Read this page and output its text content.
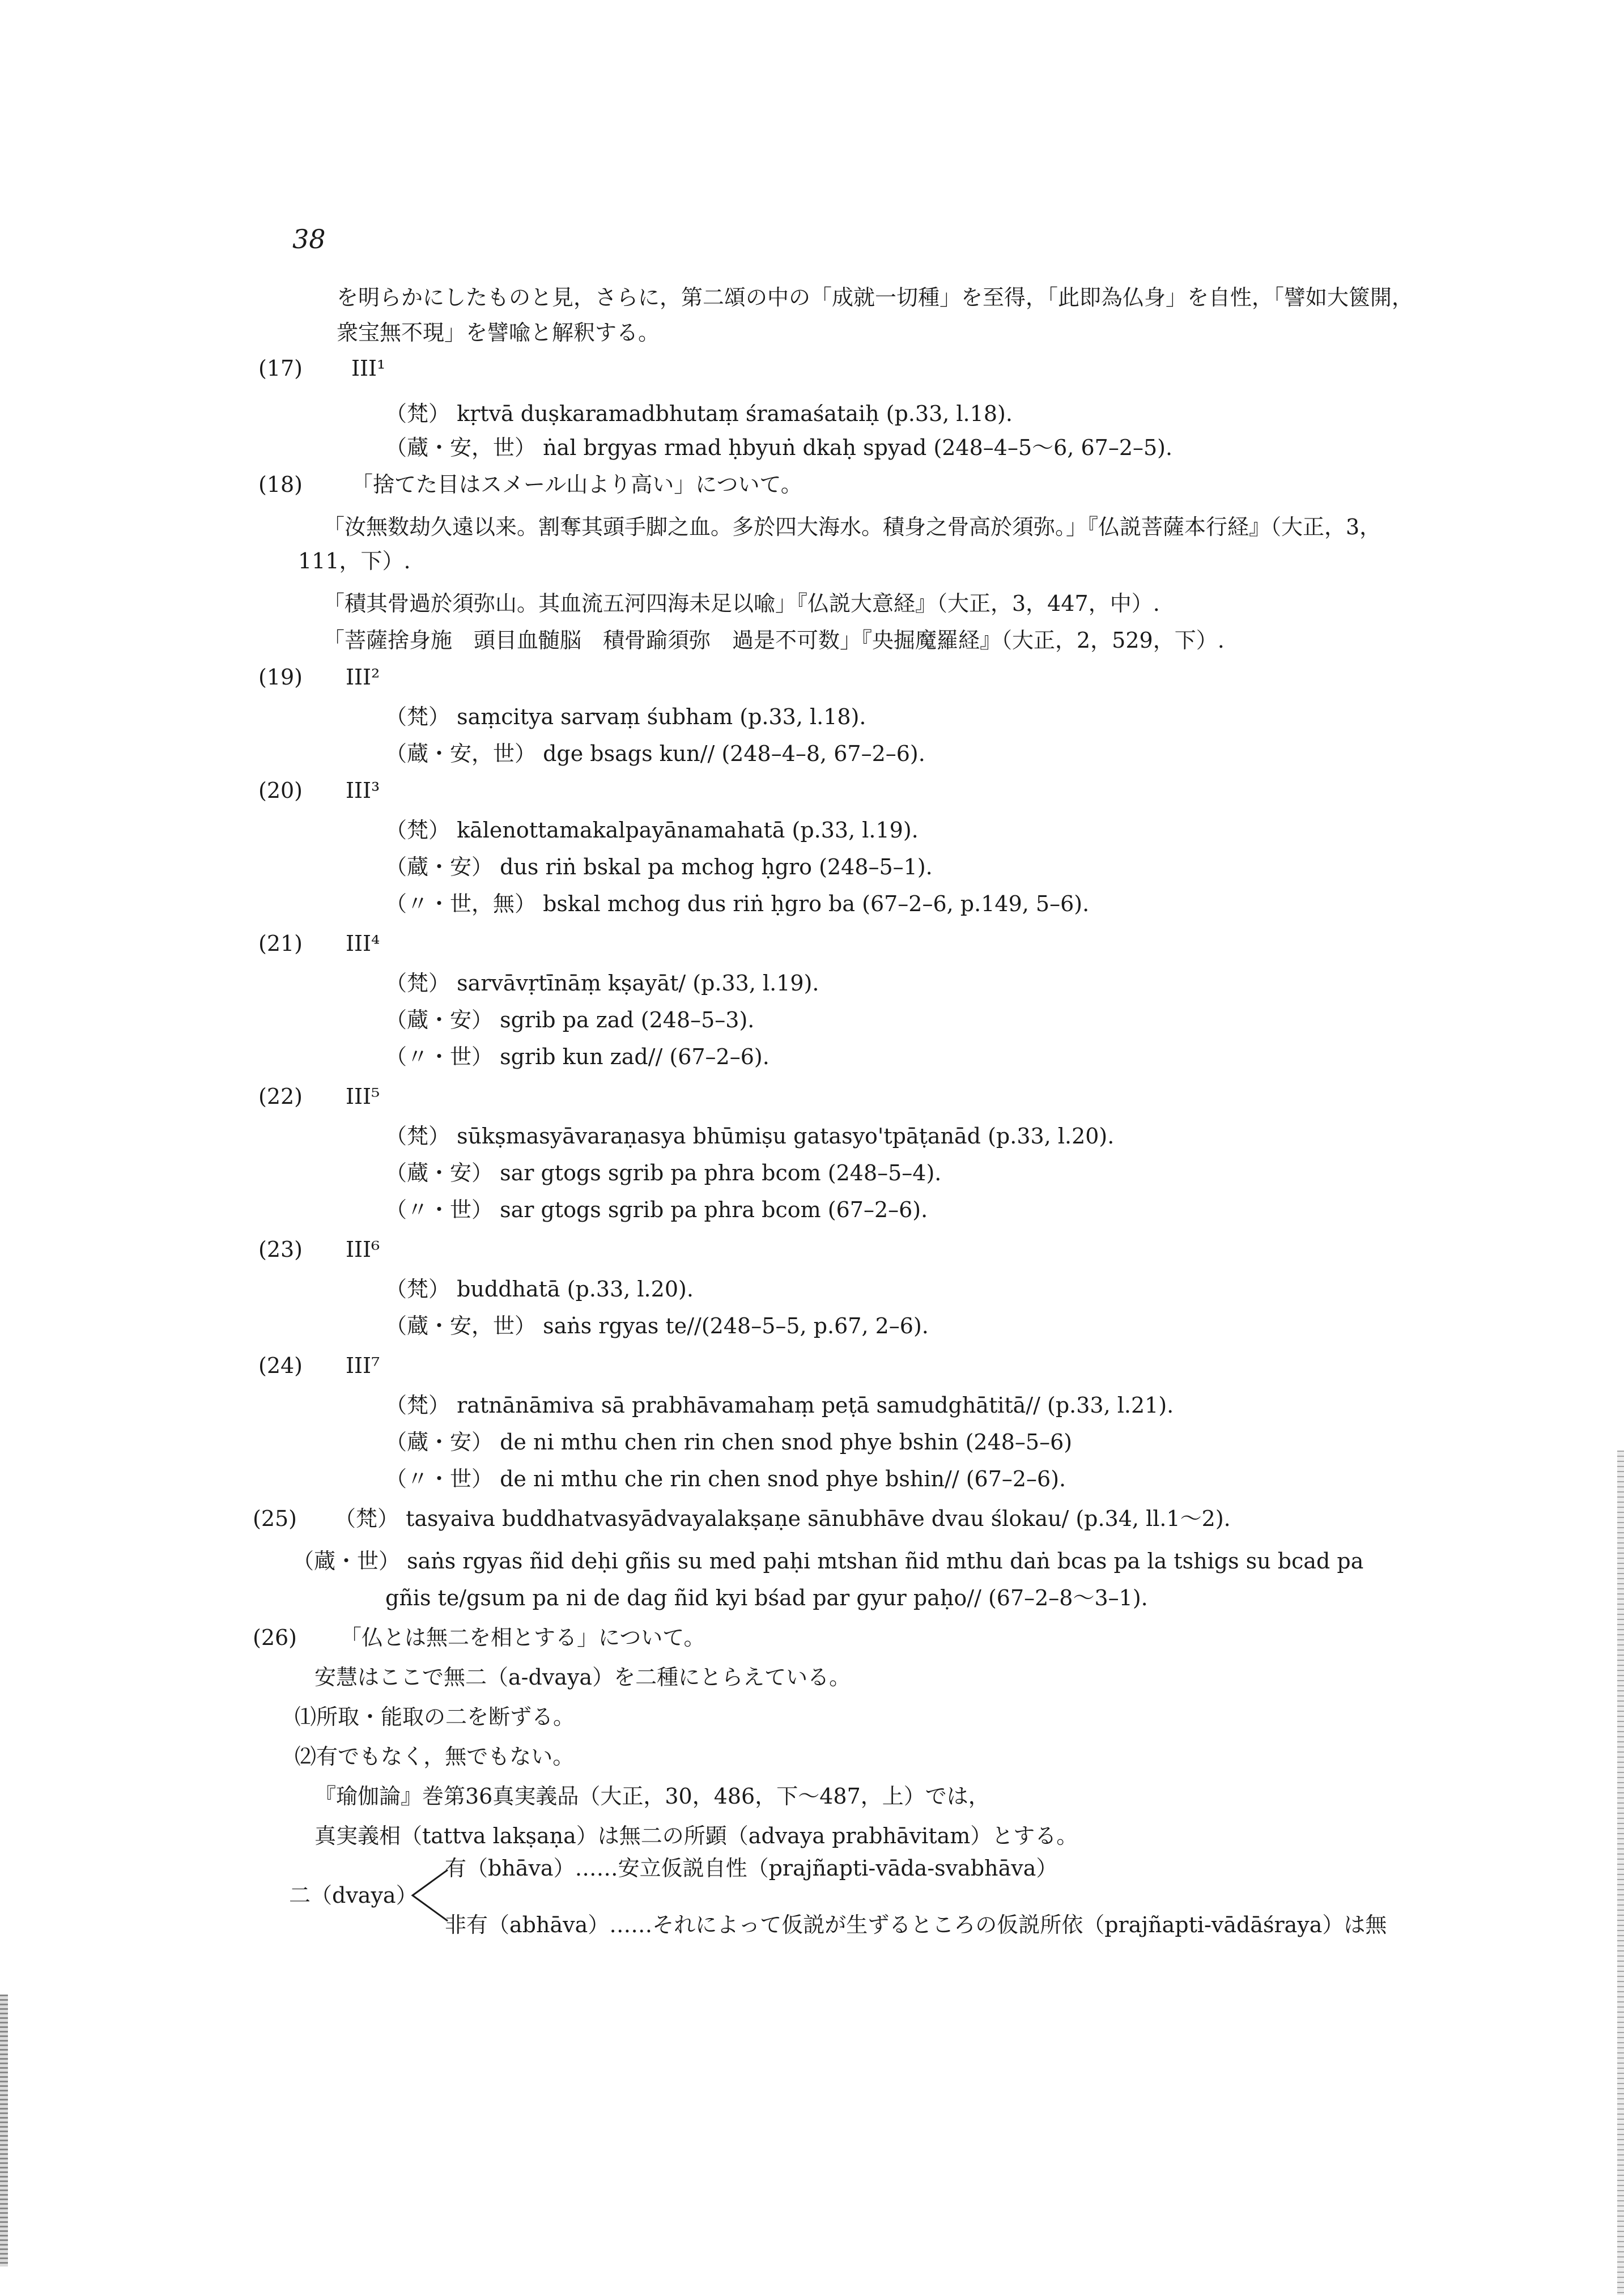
38
を明らかにしたものと見，さらに，第二頌の中の「成就一切種」を至得，「此即為仏身」を自性，「譬如大篋開，
衆宝無不現」を譬喩と解釈する。
(17) III¹
（梵） kṛtvā duṣkaramadbhutaṃ śramaśataiḥ (p.33, l.18).
（蔵・安，世） ṅal brgyas rmad ḥbyuṅ dkaḥ spyad (248–4–5〜6, 67–2–5).
(18) 「捨てた目はスメール山より高い」について。
「汝無数劫久遠以来。割奪其頭手脚之血。多於四大海水。積身之骨高於須弥。」『仏説菩薩本行経』（大正，3，
111，下）.
「積其骨過於須弥山。其血流五河四海未足以喩」『仏説大意経』（大正，3，447，中）.
「菩薩捨身施　頭目血髄脳　積骨踰須弥　過是不可数」『央掘魔羅経』（大正，2，529，下）.
(19) III²
（梵） saṃcitya sarvaṃ śubham (p.33, l.18).
（蔵・安，世） dge bsags kun// (248–4–8, 67–2–6).
(20) III³
（梵） kālenottamakalpayānamahatā (p.33, l.19).
（蔵・安） dus riṅ bskal pa mchog ḥgro (248–5–1).
（〃・世，無） bskal mchog dus riṅ ḥgro ba (67–2–6, p.149, 5–6).
(21) III⁴
（梵） sarvāvṛtīnāṃ kṣayāt/ (p.33, l.19).
（蔵・安） sgrib pa zad (248–5–3).
（〃・世） sgrib kun zad// (67–2–6).
(22) III⁵
（梵） sūkṣmasyāvaraṇasya bhūmiṣu gatasyo'tpāṭanād (p.33, l.20).
（蔵・安） sar gtogs sgrib pa phra bcom (248–5–4).
（〃・世） sar gtogs sgrib pa phra bcom (67–2–6).
(23) III⁶
（梵） buddhatā (p.33, l.20).
（蔵・安，世） saṅs rgyas te//(248–5–5, p.67, 2–6).
(24) III⁷
（梵） ratnānāmiva sā prabhāvamahaṃ peṭā samudghātitā// (p.33, l.21).
（蔵・安） de ni mthu chen rin chen snod phye bshin (248–5–6)
（〃・世） de ni mthu che rin chen snod phye bshin// (67–2–6).
(25) （梵） tasyaiva buddhatvasyādvayalakṣaṇe sānubhāve dvau ślokau/ (p.34, ll.1〜2).
（蔵・世） saṅs rgyas ñid deḥi gñis su med paḥi mtshan ñid mthu daṅ bcas pa la tshigs su bcad pa
gñis te/gsum pa ni de dag ñid kyi bśad par gyur paḥo// (67–2–8〜3–1).
(26) 「仏とは無二を相とする」について。
安慧はここで無二（a-dvaya）を二種にとらえている。
⑴所取・能取の二を断ずる。
⑵有でもなく，無でもない。
『瑜伽論』巻第36真実義品（大正，30，486，下〜487，上）では，
真実義相（tattva lakṣaṇa）は無二の所顕（advaya prabhāvitam）とする。
二（dvaya）
有（bhāva）……安立仮説自性（prajñapti-vāda-svabhāva）
非有（abhāva）……それによって仮説が生ずるところの仮説所依（prajñapti-vādāśraya）は無
